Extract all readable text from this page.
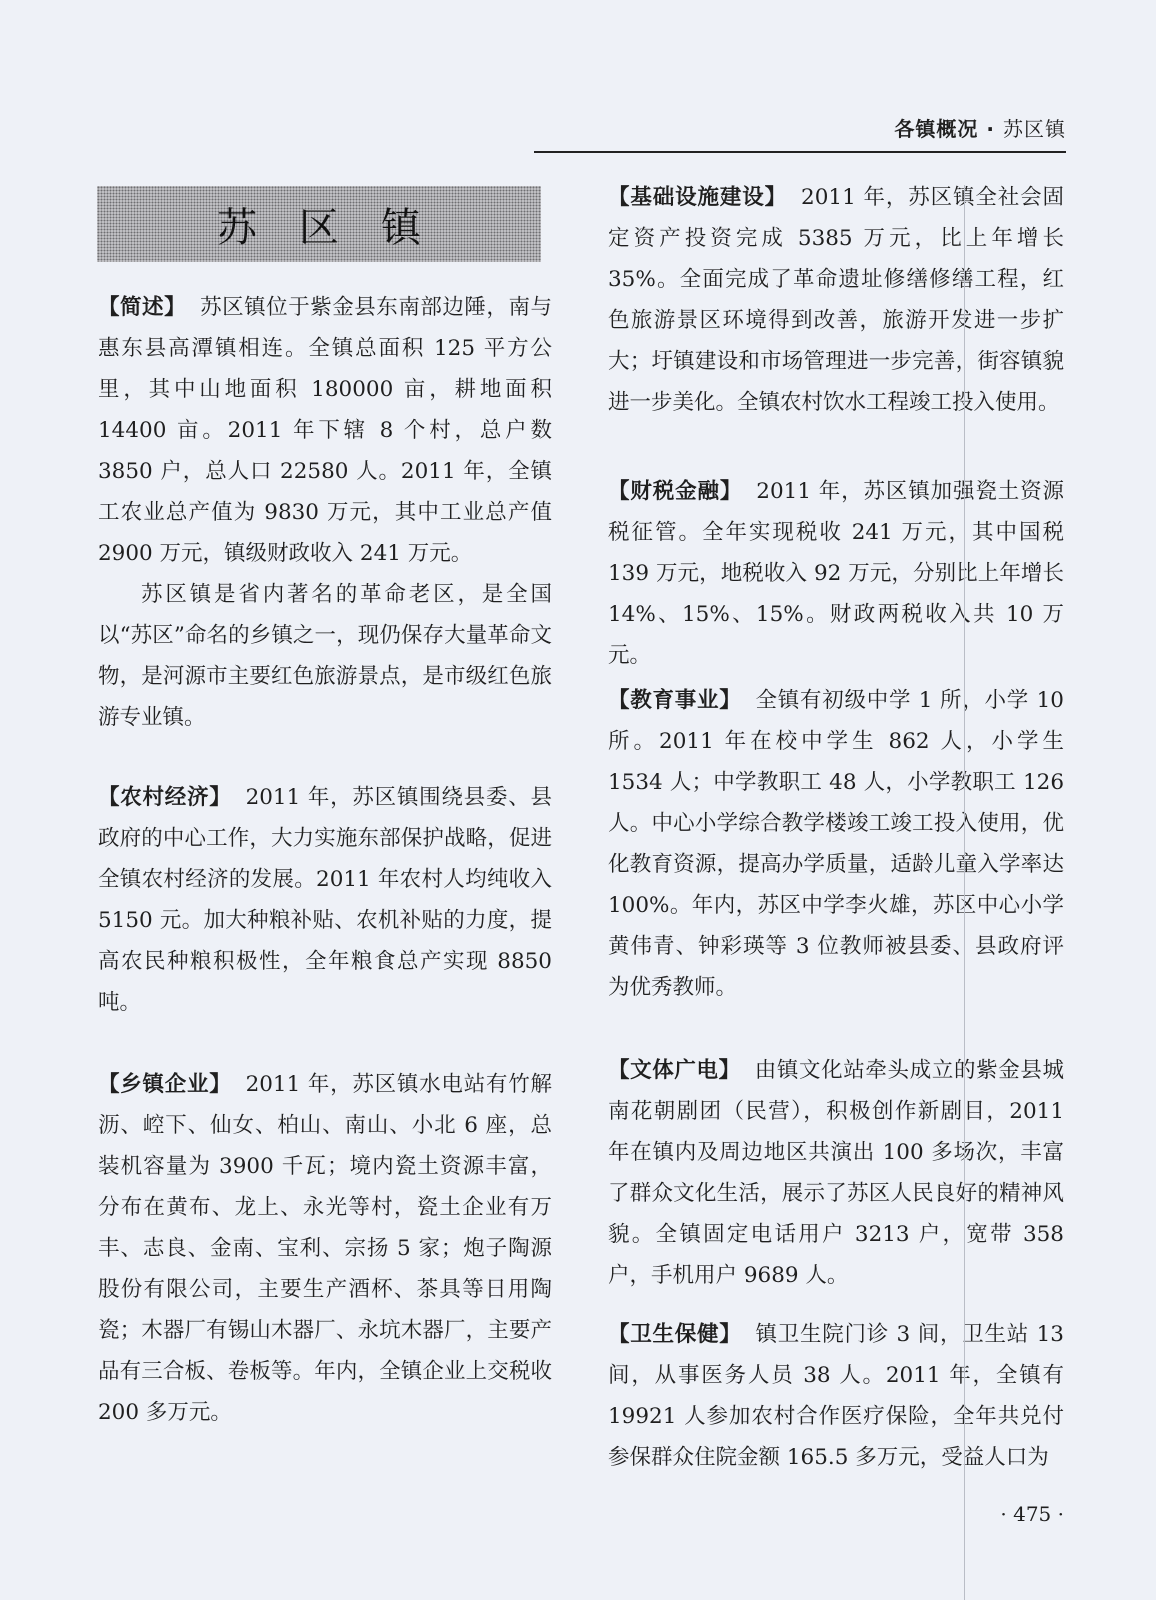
各镇概况 · 苏区镇
苏区镇

【简述】 苏区镇位于紫金县东南部边陲，南与惠东县高潭镇相连。全镇总面积 125 平方公里，其中山地面积 180000 亩，耕地面积 14400 亩。2011 年下辖 8 个村，总户数 3850 户，总人口 22580 人。2011 年，全镇工农业总产值为 9830 万元，其中工业总产值 2900 万元，镇级财政收入 241 万元。

苏区镇是省内著名的革命老区，是全国以“苏区”命名的乡镇之一，现仍保存大量革命文物，是河源市主要红色旅游景点，是市级红色旅游专业镇。

【农村经济】 2011 年，苏区镇围绕县委、县政府的中心工作，大力实施东部保护战略，促进全镇农村经济的发展。2011 年农村人均纯收入 5150 元。加大种粮补贴、农机补贴的力度，提高农民种粮积极性，全年粮食总产实现 8850 吨。

【乡镇企业】 2011 年，苏区镇水电站有竹解沥、崆下、仙女、柏山、南山、小北 6 座，总装机容量为 3900 千瓦；境内瓷土资源丰富，分布在黄布、龙上、永光等村，瓷土企业有万丰、志良、金南、宝利、宗扬 5 家；炮子陶源股份有限公司，主要生产酒杯、茶具等日用陶瓷；木器厂有锡山木器厂、永坑木器厂，主要产品有三合板、卷板等。年内，全镇企业上交税收 200 多万元。

【基础设施建设】 2011 年，苏区镇全社会固定资产投资完成 5385 万元，比上年增长 35%。全面完成了革命遗址修缮修缮工程，红色旅游景区环境得到改善，旅游开发进一步扩大；圩镇建设和市场管理进一步完善，街容镇貌进一步美化。全镇农村饮水工程竣工投入使用。

【财税金融】 2011 年，苏区镇加强瓷土资源税征管。全年实现税收 241 万元，其中国税 139 万元，地税收入 92 万元，分别比上年增长 14%、15%、15%。财政两税收入共 10 万元。

【教育事业】 全镇有初级中学 1 所，小学 10 所。2011 年在校中学生 862 人，小学生 1534 人；中学教职工 48 人，小学教职工 126 人。中心小学综合教学楼竣工竣工投入使用，优化教育资源，提高办学质量，适龄儿童入学率达 100%。年内，苏区中学李火雄，苏区中心小学黄伟青、钟彩瑛等 3 位教师被县委、县政府评为优秀教师。

【文体广电】 由镇文化站牵头成立的紫金县城南花朝剧团（民营），积极创作新剧目，2011 年在镇内及周边地区共演出 100 多场次，丰富了群众文化生活，展示了苏区人民良好的精神风貌。全镇固定电话用户 3213 户，宽带 358 户，手机用户 9689 人。

【卫生保健】 镇卫生院门诊 3 间，卫生站 13 间，从事医务人员 38 人。2011 年，全镇有 19921 人参加农村合作医疗保险，全年共兑付参保群众住院金额 165.5 多万元，受益人口为

· 475 ·
